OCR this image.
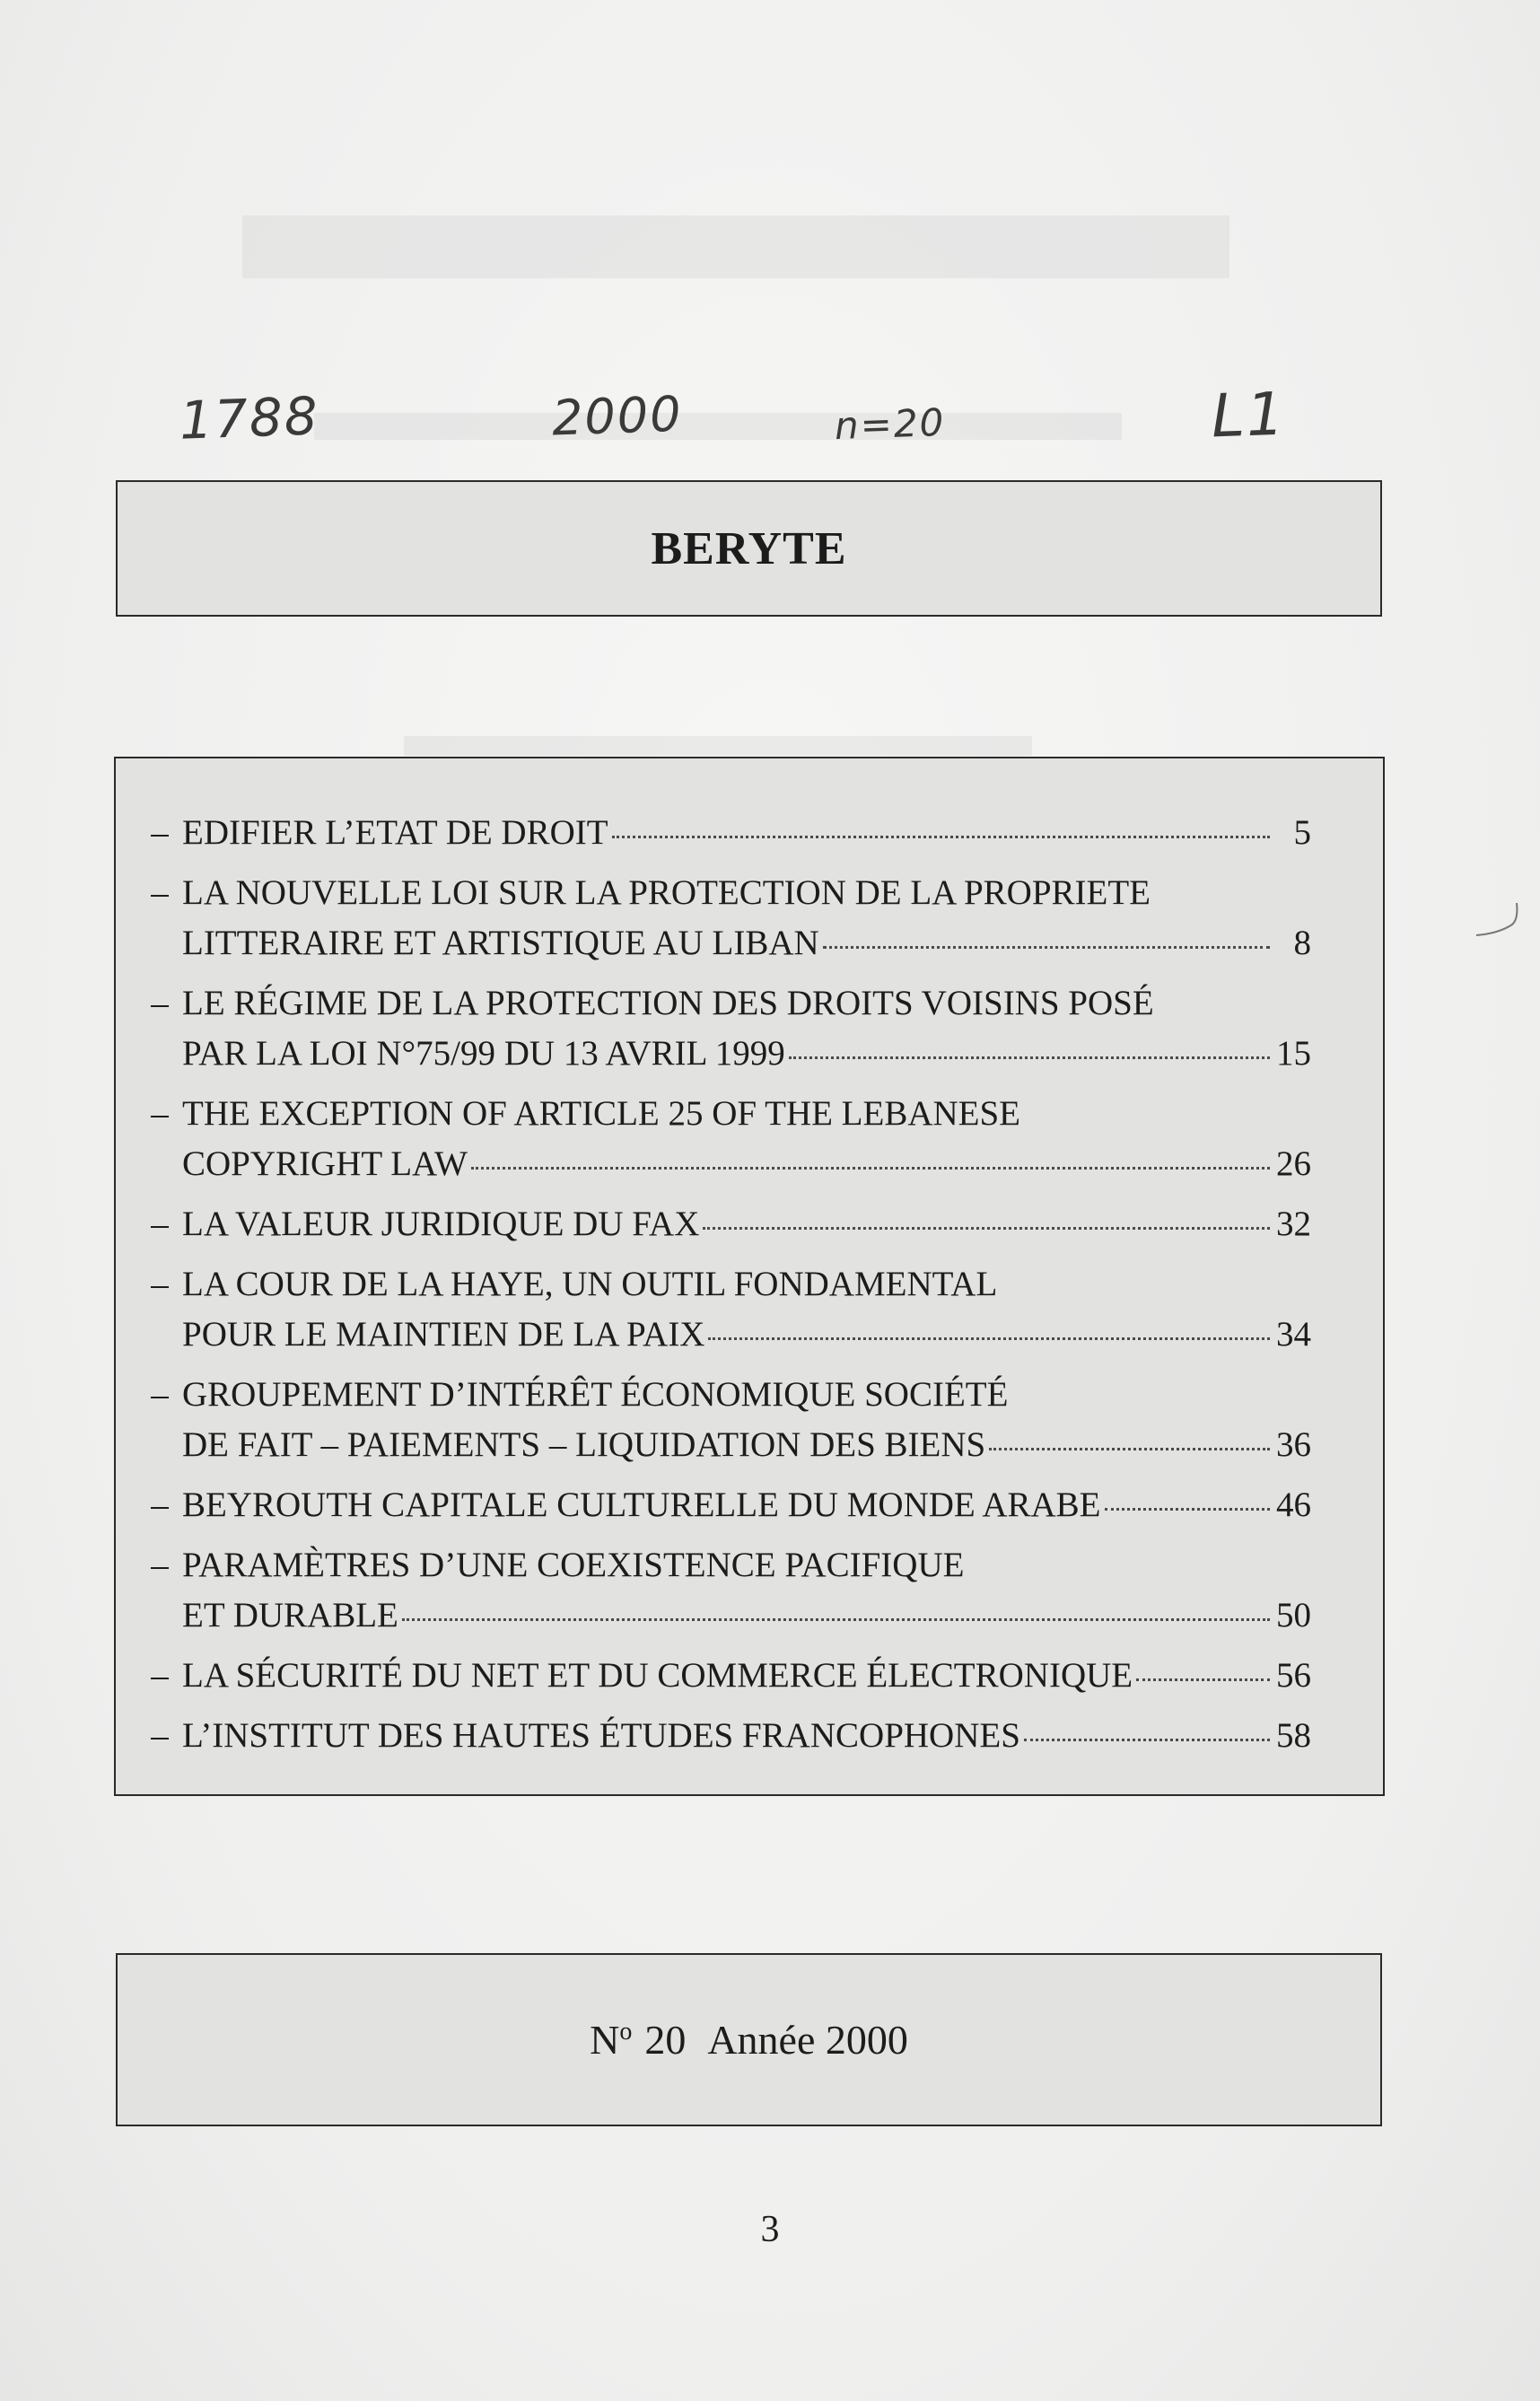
1788	2000	n=20	L1
BERYTE
– EDIFIER L’ETAT DE DROIT	5
– LA NOUVELLE LOI SUR LA PROTECTION DE LA PROPRIETE
LITTERAIRE ET ARTISTIQUE AU LIBAN	8
– LE RÉGIME DE LA PROTECTION DES DROITS VOISINS POSÉ
PAR LA LOI N°75/99 DU 13 AVRIL 1999	15
– THE EXCEPTION OF ARTICLE 25 OF THE LEBANESE
COPYRIGHT LAW	26
– LA VALEUR JURIDIQUE DU FAX	32
– LA COUR DE LA HAYE, UN OUTIL FONDAMENTAL
POUR LE MAINTIEN DE LA PAIX	34
– GROUPEMENT D’INTÉRÊT ÉCONOMIQUE SOCIÉTÉ
DE FAIT – PAIEMENTS – LIQUIDATION DES BIENS	36
– BEYROUTH CAPITALE CULTURELLE DU MONDE ARABE	46
– PARAMÈTRES D’UNE COEXISTENCE PACIFIQUE
ET DURABLE	50
– LA SÉCURITÉ DU NET ET DU COMMERCE ÉLECTRONIQUE	56
– L’INSTITUT DES HAUTES ÉTUDES FRANCOPHONES	58
$N^o$ 20 Année 2000
3
